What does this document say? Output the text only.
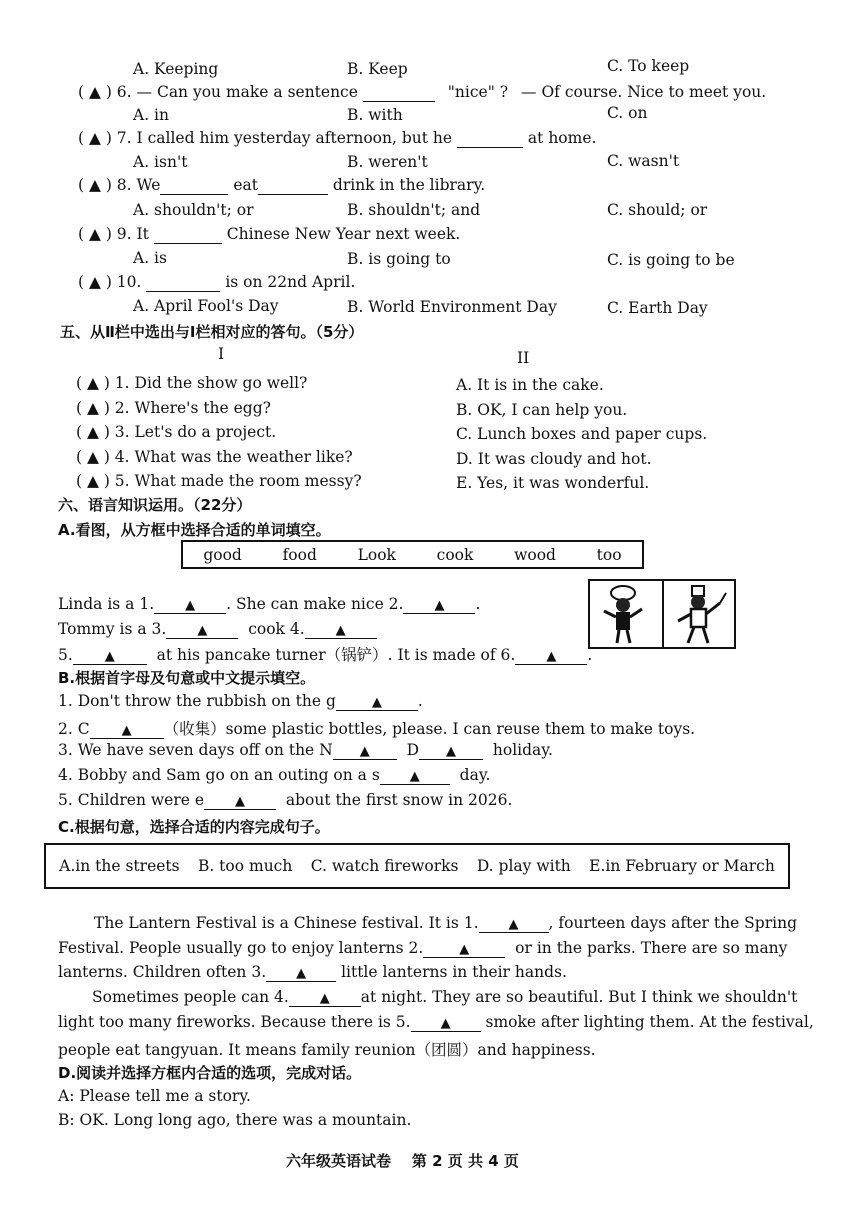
A. Keeping	B. Keep	C. To keep
( ▲ ) 6. — Can you make a sentence	"nice" ? — Of course. Nice to meet you.
A. in	B. with	C. on
( ▲ ) 7. I called him yesterday afternoon, but he	at home.
A. isn't	B. weren't	C. wasn't
( ▲ ) 8. We	eat	drink in the library.
A. shouldn't; or	B. shouldn't; and	C. should; or
( ▲ ) 9. It	Chinese New Year next week.
A. is	B. is going to	C. is going to be
( ▲ ) 10.	is on 22nd April.
A. April Fool's Day	B. World Environment Day	C. Earth Day
五、从Ⅱ栏中选出与Ⅰ栏相对应的答句。（5分）
I	II
( ▲ ) 1. Did the show go well?
( ▲ ) 2. Where's the egg?
( ▲ ) 3. Let's do a project.
( ▲ ) 4. What was the weather like?
( ▲ ) 5. What made the room messy?
A. It is in the cake.
B. OK, I can help you.
C. Lunch boxes and paper cups.
D. It was cloudy and hot.
E. Yes, it was wonderful.
六、语言知识运用。（22分）
A.看图，从方框中选择合适的单词填空。
good	food	Look	cook	wood	too
Linda is a 1. ▲ . She can make nice 2. ▲ .
Tommy is a 3. ▲	cook 4. ▲
5. ▲	at his pancake turner（锅铲）. It is made of 6. ▲ .
B.根据首字母及句意或中文提示填空。
1. Don't throw the rubbish on the g	▲ .
2. C ▲ （收集）some plastic bottles, please. I can reuse them to make toys.
3. We have seven days off on the N ▲ D ▲ holiday.
4. Bobby and Sam go on an outing on a s ▲	day.
5. Children were e ▲	about the first snow in 2026.
C.根据句意，选择合适的内容完成句子。
A.in the streets B. too much C. watch fireworks D. play with E.in February or March
The Lantern Festival is a Chinese festival. It is 1. ▲ , fourteen days after the Spring
Festival. People usually go to enjoy lanterns 2.	▲	or in the parks. There are so many
lanterns. Children often 3. ▲ little lanterns in their hands.
Sometimes people can 4. ▲ at night. They are so beautiful. But I think we shouldn't
light too many fireworks. Because there is 5. ▲ smoke after lighting them. At the festival,
people eat tangyuan. It means family reunion（团圆）and happiness.
D.阅读并选择方框内合适的选项，完成对话。
A: Please tell me a story.
B: OK. Long long ago, there was a mountain.
六年级英语试卷    第 2 页 共 4 页
